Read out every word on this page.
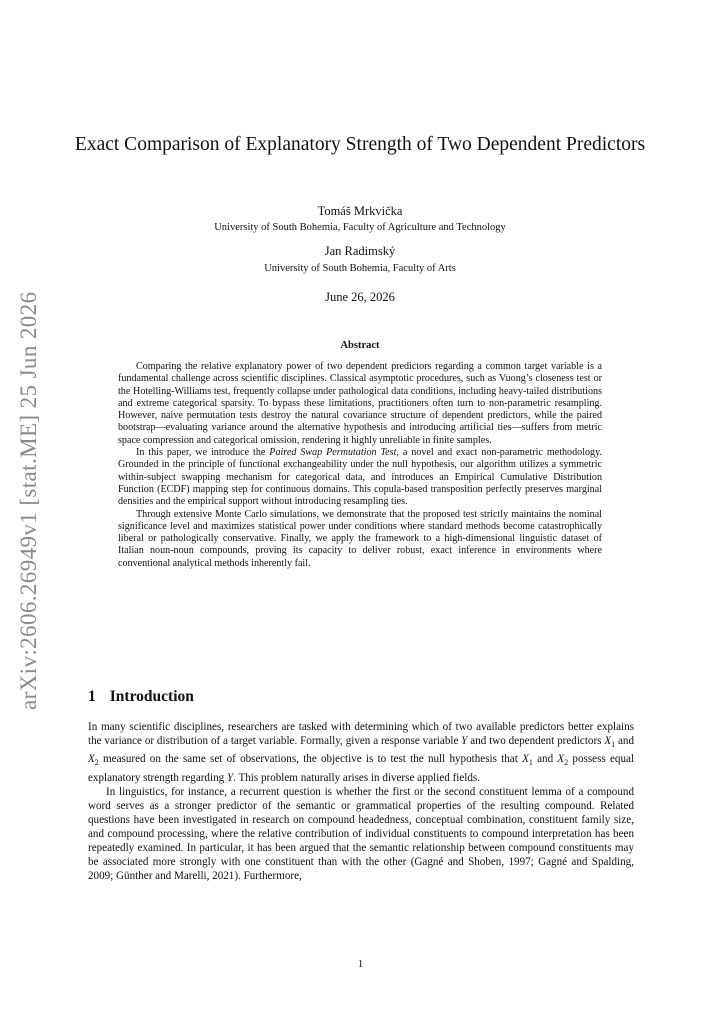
arXiv:2606.26949v1 [stat.ME] 25 Jun 2026
Exact Comparison of Explanatory Strength of Two Dependent Predictors
Tomáš Mrkvička
University of South Bohemia, Faculty of Agriculture and Technology
Jan Radimský
University of South Bohemia, Faculty of Arts
June 26, 2026
Abstract

Comparing the relative explanatory power of two dependent predictors regarding a common target variable is a fundamental challenge across scientific disciplines. Classical asymptotic procedures, such as Vuong’s closeness test or the Hotelling-Williams test, frequently collapse under pathological data conditions, including heavy-tailed distributions and extreme categorical sparsity. To bypass these limitations, practitioners often turn to non-parametric resampling. However, naive permutation tests destroy the natural covariance structure of dependent predictors, while the paired bootstrap—evaluating variance around the alternative hypothesis and introducing artificial ties—suffers from metric space compression and categorical omission, rendering it highly unreliable in finite samples.

In this paper, we introduce the Paired Swap Permutation Test, a novel and exact non-parametric methodology. Grounded in the principle of functional exchangeability under the null hypothesis, our algorithm utilizes a symmetric within-subject swapping mechanism for categorical data, and introduces an Empirical Cumulative Distribution Function (ECDF) mapping step for continuous domains. This copula-based transposition perfectly preserves marginal densities and the empirical support without introducing resampling ties.

Through extensive Monte Carlo simulations, we demonstrate that the proposed test strictly maintains the nominal significance level and maximizes statistical power under conditions where standard methods become catastrophically liberal or pathologically conservative. Finally, we apply the framework to a high-dimensional linguistic dataset of Italian noun-noun compounds, proving its capacity to deliver robust, exact inference in environments where conventional analytical methods inherently fail.

1 Introduction

In many scientific disciplines, researchers are tasked with determining which of two available predictors better explains the variance or distribution of a target variable. Formally, given a response variable Y and two dependent predictors $X_1$ and $X_2$ measured on the same set of observations, the objective is to test the null hypothesis that $X_1$ and $X_2$ possess equal explanatory strength regarding Y. This problem naturally arises in diverse applied fields.

In linguistics, for instance, a recurrent question is whether the first or the second constituent lemma of a compound word serves as a stronger predictor of the semantic or grammatical properties of the resulting compound. Related questions have been investigated in research on compound headedness, conceptual combination, constituent family size, and compound processing, where the relative contribution of individual constituents to compound interpretation has been repeatedly examined. In particular, it has been argued that the semantic relationship between compound constituents may be associated more strongly with one constituent than with the other (Gagné and Shoben, 1997; Gagné and Spalding, 2009; Günther and Marelli, 2021). Furthermore,

1
